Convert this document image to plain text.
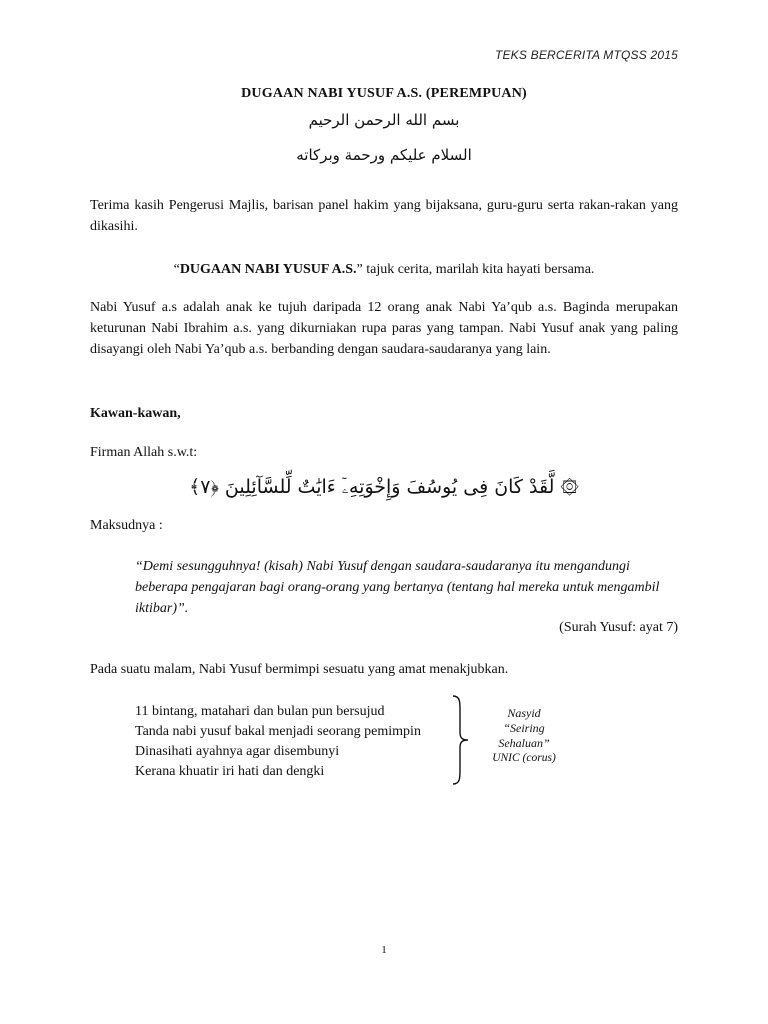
TEKS BERCERITA MTQSS 2015
DUGAAN NABI YUSUF A.S. (PEREMPUAN)
بسم الله الرحمن الرحيم
السلام عليكم ورحمة وبركاته
Terima kasih Pengerusi Majlis, barisan panel hakim yang bijaksana, guru-guru serta rakan-rakan yang dikasihi.
“DUGAAN NABI YUSUF A.S.” tajuk cerita, marilah kita hayati bersama.
Nabi Yusuf a.s adalah anak ke tujuh daripada 12 orang anak Nabi Ya’qub a.s. Baginda merupakan keturunan Nabi Ibrahim a.s. yang dikurniakan rupa paras yang tampan. Nabi Yusuf anak yang paling disayangi oleh Nabi Ya’qub a.s. berbanding dengan saudara-saudaranya yang lain.
Kawan-kawan,
Firman Allah s.w.t:
۞ لَّقَدْ كَانَ فِى يُوسُفَ وَإِخْوَتِهِۦٓ ءَايَٰتٌ لِّلسَّآئِلِينَ ﴿٧﴾
Maksudnya :
“Demi sesungguhnya! (kisah) Nabi Yusuf dengan saudara-saudaranya itu mengandungi beberapa pengajaran bagi orang-orang yang bertanya (tentang hal mereka untuk mengambil iktibar)”.
(Surah Yusuf: ayat 7)
Pada suatu malam, Nabi Yusuf bermimpi sesuatu yang amat menakjubkan.
11 bintang, matahari dan bulan pun bersujud
Tanda nabi yusuf bakal menjadi seorang pemimpin
Dinasihati ayahnya agar disembunyi
Kerana khuatir iri hati dan dengki
Nasyid
“Seiring
Sehaluan”
UNIC (corus)
1
